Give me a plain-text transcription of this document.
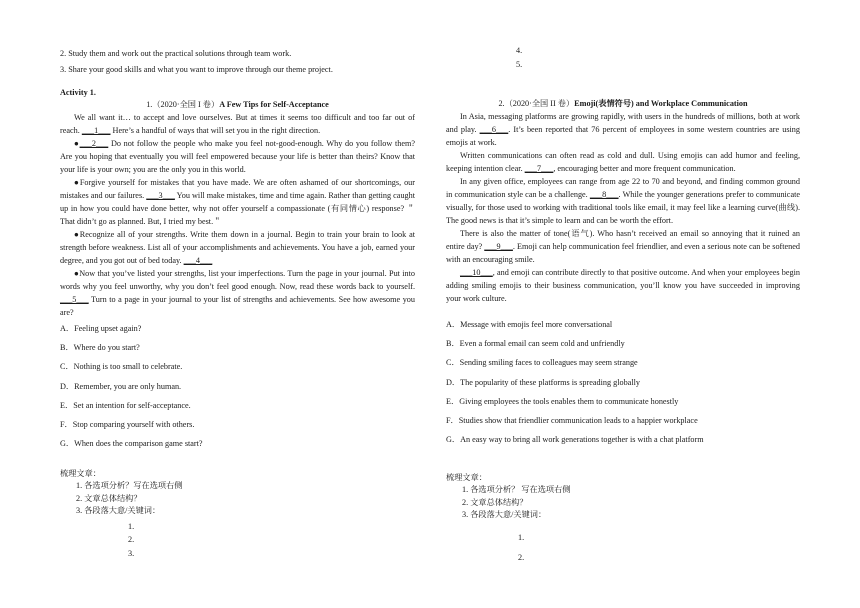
2. Study them and work out the practical solutions through team work.
3. Share your good skills and what you want to improve through our theme project.
Activity 1.
1.（2020·全国 I 卷）A Few Tips for Self-Acceptance

We all want it… to accept and love ourselves. But at times it seems too difficult and too far out of reach. ___1___ Here’s a handful of ways that will set you in the right direction.

●___2___ Do not follow the people who make you feel not-good-enough. Why do you follow them? Are you hoping that eventually you will feel empowered because your life is better than theirs? Know that your life is your own; you are the only you in this world.

●Forgive yourself for mistakes that you have made. We are often ashamed of our shortcomings, our mistakes and our failures. ___3___ You will make mistakes, time and time again. Rather than getting caught up in how you could have done better, why not offer yourself a compassionate (有同情心) response? ＂That didn’t go as planned. But, I tried my best.＂

●Recognize all of your strengths. Write them down in a journal. Begin to train your brain to look at strength before weakness. List all of your accomplishments and achievements. You have a job, earned your degree, and you got out of bed today. ___4___

●Now that you’ve listed your strengths, list your imperfections. Turn the page in your journal. Put into words why you feel unworthy, why you don’t feel good enough. Now, read these words back to yourself. ___5___ Turn to a page in your journal to your list of strengths and achievements. See how awesome you are?

A．Feeling upset again?

B．Where do you start?

C．Nothing is too small to celebrate.

D．Remember, you are only human.

E．Set an intention for self-acceptance.

F．Stop comparing yourself with others.

G．When does the comparison game start?

梳理文章：
1. 各选项分析？写在选项右侧
2. 文章总体结构？
3. 各段落大意/关键词：
1.
2.
3.
4.
5.
2.（2020·全国 II 卷）Emoji(表情符号) and Workplace Communication

In Asia, messaging platforms are growing rapidly, with users in the hundreds of millions, both at work and play. ___6___. It’s been reported that 76 percent of employees in some western countries are using emojis at work.

Written communications can often read as cold and dull. Using emojis can add humor and feeling, keeping intention clear. ___7___, encouraging better and more frequent communication.

In any given office, employees can range from age 22 to 70 and beyond, and finding common ground in communication style can be a challenge. ___8___. While the younger generations prefer to communicate visually, for those used to working with traditional tools like email, it may feel like a learning curve(曲线). The good news is that it’s simple to learn and can be worth the effort.

There is also the matter of tone(语气). Who hasn’t received an email so annoying that it ruined an entire day? ___9___. Emoji can help communication feel friendlier, and even a serious note can be softened with an encouraging smile.

___10___, and emoji can contribute directly to that positive outcome. And when your employees begin adding smiling emojis to their business communication, you’ll know you have succeeded in improving your work culture.

A．Message with emojis feel more conversational

B．Even a formal email can seem cold and unfriendly

C．Sending smiling faces to colleagues may seem strange

D．The popularity of these platforms is spreading globally

E．Giving employees the tools enables them to communicate honestly

F．Studies show that friendlier communication leads to a happier workplace

G．An easy way to bring all work generations together is with a chat platform

梳理文章：
1. 各选项分析？ 写在选项右侧
2. 文章总体结构？
3. 各段落大意/关键词：
1.
2.
